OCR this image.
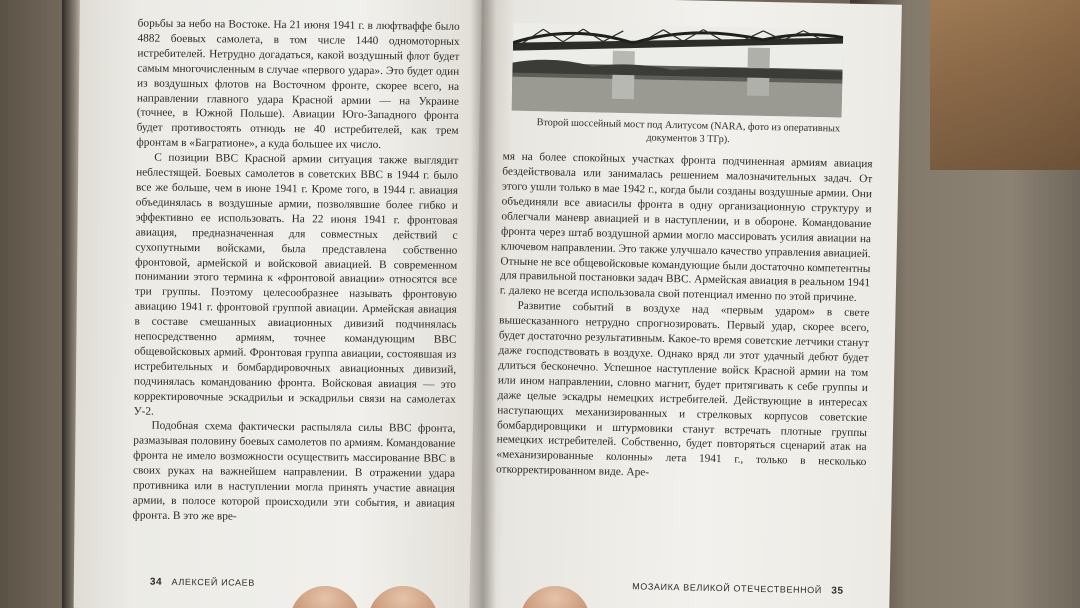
борьбы за небо на Востоке. На 21 июня 1941 г. в люфтваффе было 4882 боевых самолета, в том числе 1440 одномоторных истребителей. Нетрудно догадаться, какой воздушный флот будет самым многочисленным в случае «первого удара». Это будет один из воздушных флотов на Восточном фронте, скорее всего, на направлении главного удара Красной армии — на Украине (точнее, в Южной Польше). Авиации Юго-Западного фронта будет противостоять отнюдь не 40 истребителей, как трем фронтам в «Багратионе», а куда большее их число.

С позиции ВВС Красной армии ситуация также выглядит неблестящей. Боевых самолетов в советских ВВС в 1944 г. было все же больше, чем в июне 1941 г. Кроме того, в 1944 г. авиация объединялась в воздушные армии, позволявшие более гибко и эффективно ее использовать. На 22 июня 1941 г. фронтовая авиация, предназначенная для совместных действий с сухопутными войсками, была представлена собственно фронтовой, армейской и войсковой авиацией. В современном понимании этого термина к «фронтовой авиации» относятся все три группы. Поэтому целесообразнее называть фронтовую авиацию 1941 г. фронтовой группой авиации. Армейская авиация в составе смешанных авиационных дивизий подчинялась непосредственно армиям, точнее командующим ВВС общевойсковых армий. Фронтовая группа авиации, состоявшая из истребительных и бомбардировочных авиационных дивизий, подчинялась командованию фронта. Войсковая авиация — это корректировочные эскадрильи и эскадрильи связи на самолетах У-2.

Подобная схема фактически распыляла силы ВВС фронта, размазывая половину боевых самолетов по армиям. Командование фронта не имело возможности осуществить массирование ВВС в своих руках на важнейшем направлении. В отражении удара противника или в наступлении могла принять участие авиация армии, в полосе которой происходили эти события, и авиация фронта. В это же вре-

34 АЛЕКСЕЙ ИСАЕВ

Второй шоссейный мост под Алитусом (NARA, фото из оперативных документов 3 ТГр).

мя на более спокойных участках фронта подчиненная армиям авиация бездействовала или занималась решением малозначительных задач. От этого ушли только в мае 1942 г., когда были созданы воздушные армии. Они объединяли все авиасилы фронта в одну организационную структуру и облегчали маневр авиацией и в наступлении, и в обороне. Командование фронта через штаб воздушной армии могло массировать усилия авиации на ключевом направлении. Это также улучшало качество управления авиацией. Отныне не все общевойсковые командующие были достаточно компетентны для правильной постановки задач ВВС. Армейская авиация в реальном 1941 г. далеко не всегда использовала свой потенциал именно по этой причине.

Развитие событий в воздухе над «первым ударом» в свете вышесказанного нетрудно спрогнозировать. Первый удар, скорее всего, будет достаточно результативным. Какое-то время советские летчики станут даже господствовать в воздухе. Однако вряд ли этот удачный дебют будет длиться бесконечно. Успешное наступление войск Красной армии на том или ином направлении, словно магнит, будет притягивать к себе группы и даже целые эскадры немецких истребителей. Действующие в интересах наступающих механизированных и стрелковых корпусов советские бомбардировщики и штурмовики станут встречать плотные группы немецких истребителей. Собственно, будет повторяться сценарий атак на «механизированные колонны» лета 1941 г., только в несколько откорректированном виде. Аре-

МОЗАИКА ВЕЛИКОЙ ОТЕЧЕСТВЕННОЙ 35
